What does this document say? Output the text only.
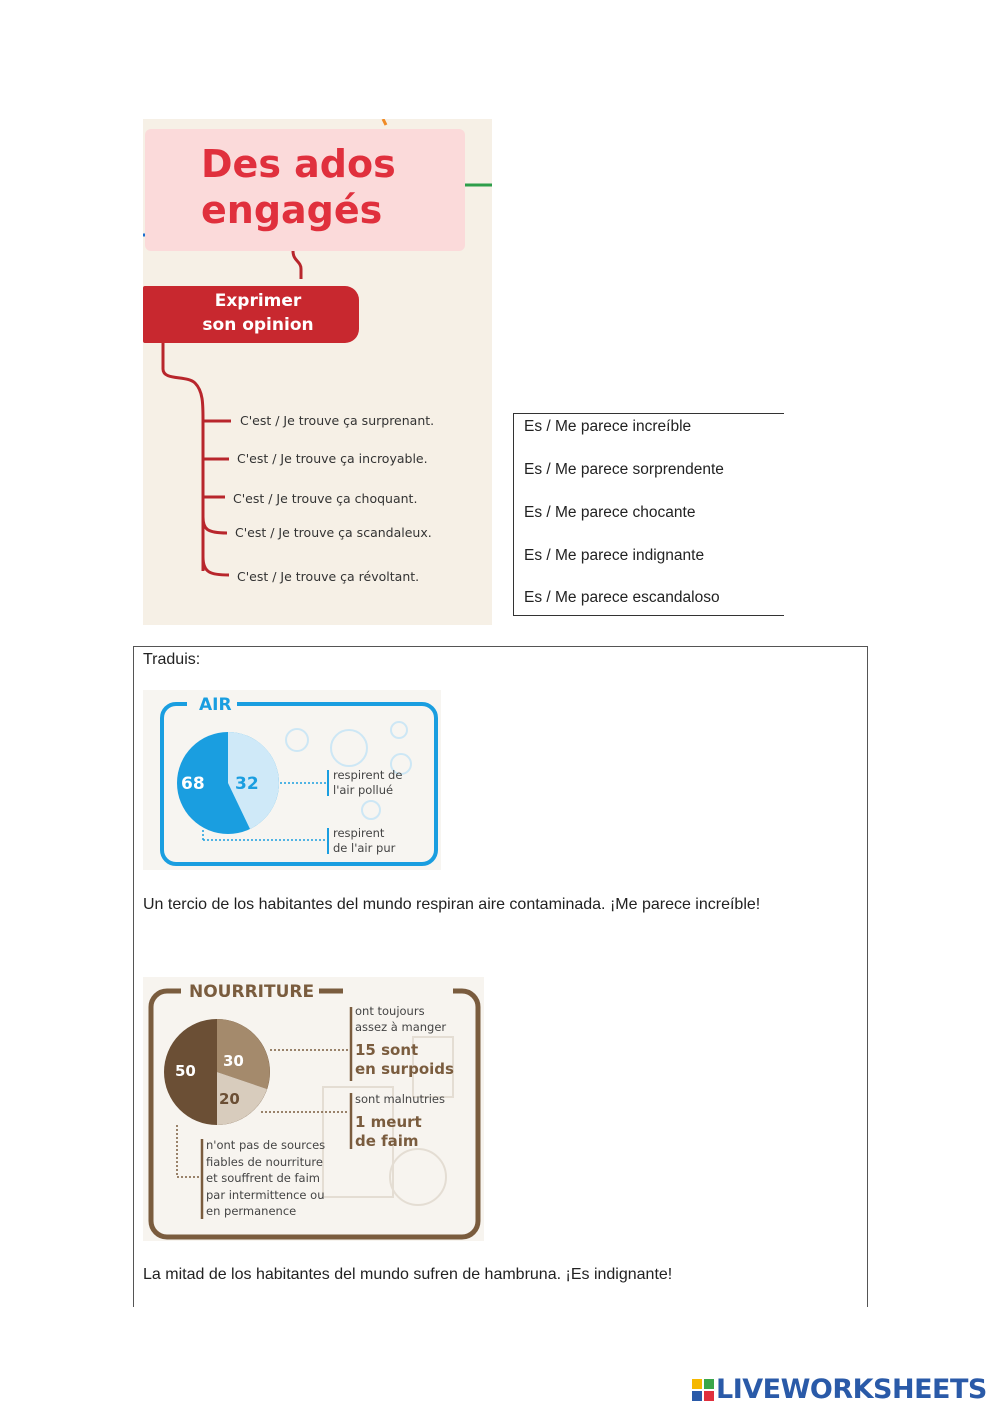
Des ados
engagés
Exprimer
son opinion
C'est / Je trouve ça surprenant.
C'est / Je trouve ça incroyable.
C'est / Je trouve ça choquant.
C'est / Je trouve ça scandaleux.
C'est / Je trouve ça révoltant.
Es / Me parece increíble
Es / Me parece sorprendente
Es / Me parece chocante
Es / Me parece indignante
Es / Me parece escandaloso
Traduis:
AIR
68 32	respirent de
l'air pollué
respirent
de l'air pur
Un tercio de los habitantes del mundo respiran aire contaminada. ¡Me parece increíble!
NOURRITURE
50
30
20
ont toujours
assez à manger
15 sont
en surpoids
sont malnutries
1 meurt
de faim
n'ont pas de sources
fiables de nourriture
et souffrent de faim
par intermittence ou
en permanence
La mitad de los habitantes del mundo sufren de hambruna. ¡Es indignante!
LIVEWORKSHEETS
